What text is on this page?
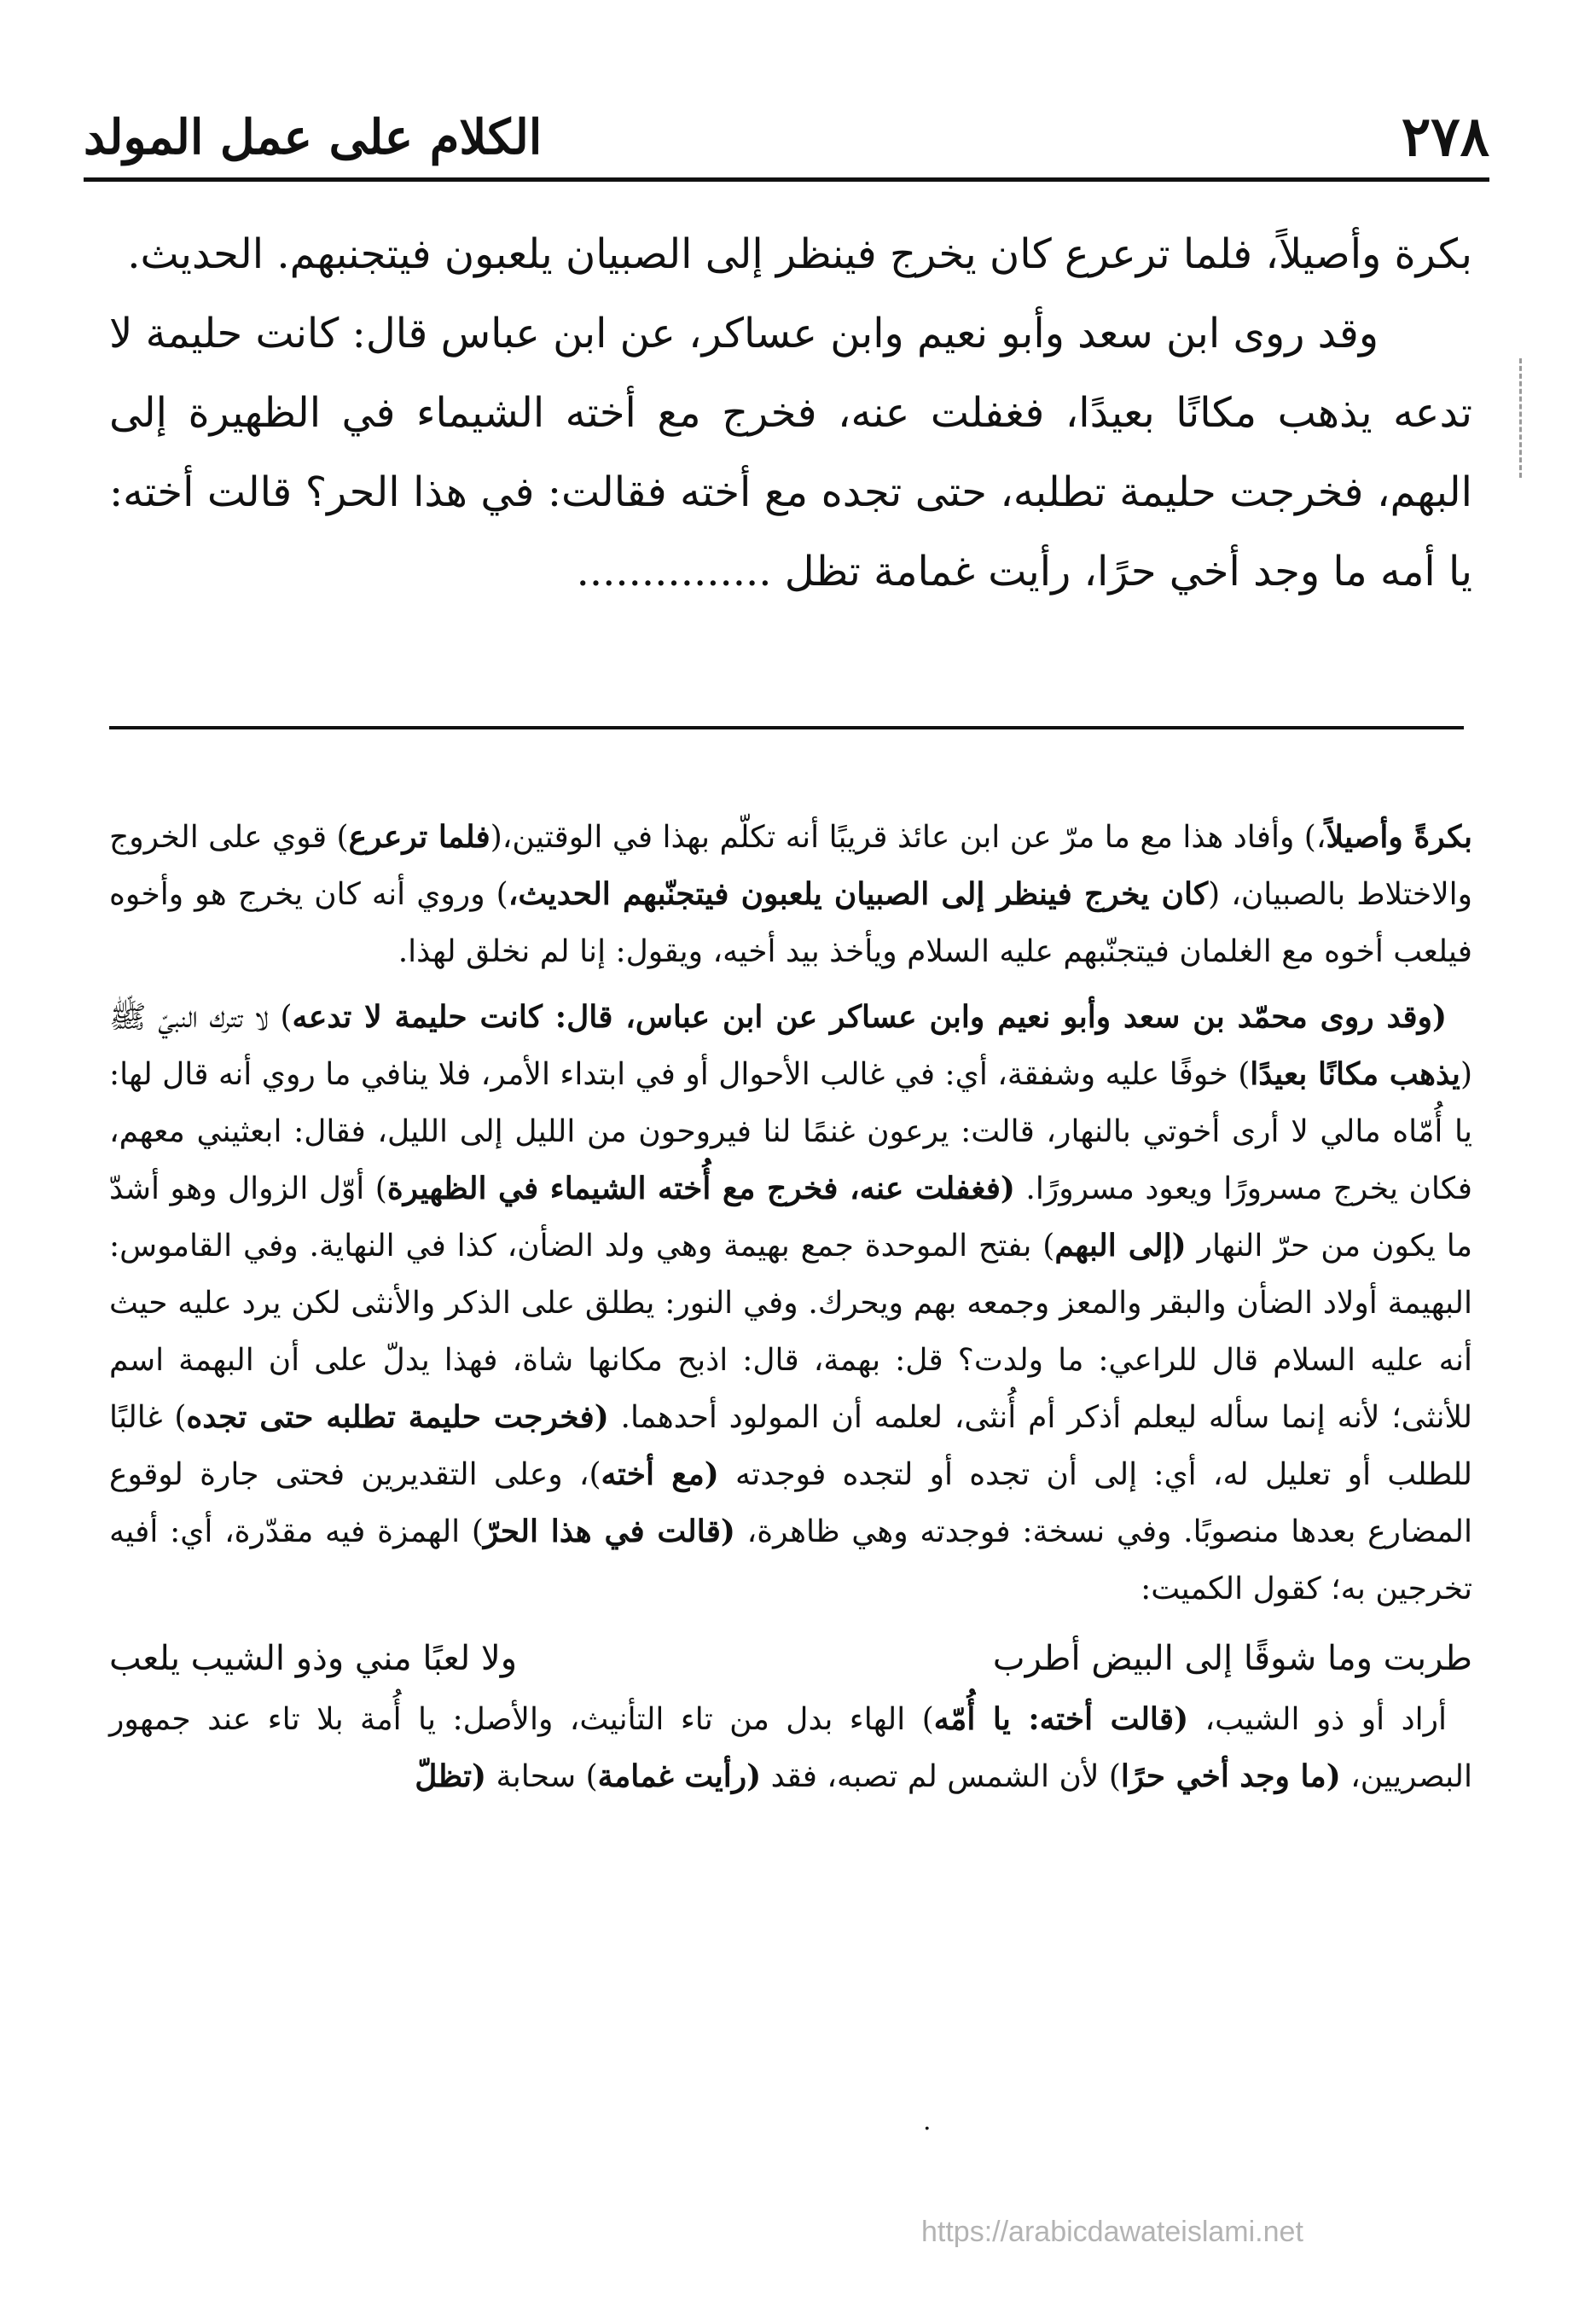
٢٧٨
الكلام على عمل المولد

بكرة وأصيلاً، فلما ترعرع كان يخرج فينظر إلى الصبيان يلعبون فيتجنبهم. الحديث.

وقد روى ابن سعد وأبو نعيم وابن عساكر، عن ابن عباس قال: كانت حليمة لا تدعه يذهب مكانًا بعيدًا، فغفلت عنه، فخرج مع أخته الشيماء في الظهيرة إلى البهم، فخرجت حليمة تطلبه، حتى تجده مع أخته فقالت: في هذا الحر؟ قالت أخته: يا أمه ما وجد أخي حرًا، رأيت غمامة تظل ...............

بكرةً وأصيلاً،) وأفاد هذا مع ما مرّ عن ابن عائذ قريبًا أنه تكلّم بهذا في الوقتين،(فلما ترعرع) قوي على الخروج والاختلاط بالصبيان، (كان يخرج فينظر إلى الصبيان يلعبون فيتجنّبهم الحديث،) وروي أنه كان يخرج هو وأخوه فيلعب أخوه مع الغلمان فيتجنّبهم عليه السلام ويأخذ بيد أخيه، ويقول: إنا لم نخلق لهذا.

(وقد روى محمّد بن سعد وأبو نعيم وابن عساكر عن ابن عباس، قال: كانت حليمة لا تدعه) لا تترك النبيّ ﷺ (يذهب مكانًا بعيدًا) خوفًا عليه وشفقة، أي: في غالب الأحوال أو في ابتداء الأمر، فلا ينافي ما روي أنه قال لها: يا أُمّاه مالي لا أرى أخوتي بالنهار، قالت: يرعون غنمًا لنا فيروحون من الليل إلى الليل، فقال: ابعثيني معهم، فكان يخرج مسرورًا ويعود مسرورًا. (فغفلت عنه، فخرج مع أُخته الشيماء في الظهيرة) أوّل الزوال وهو أشدّ ما يكون من حرّ النهار (إلى البهم) بفتح الموحدة جمع بهيمة وهي ولد الضأن، كذا في النهاية. وفي القاموس: البهيمة أولاد الضأن والبقر والمعز وجمعه بهم ويحرك. وفي النور: يطلق على الذكر والأنثى لكن يرد عليه حيث أنه عليه السلام قال للراعي: ما ولدت؟ قل: بهمة، قال: اذبح مكانها شاة، فهذا يدلّ على أن البهمة اسم للأنثى؛ لأنه إنما سأله ليعلم أذكر أم أُنثى، لعلمه أن المولود أحدهما. (فخرجت حليمة تطلبه حتى تجده) غالبًا للطلب أو تعليل له، أي: إلى أن تجده أو لتجده فوجدته (مع أخته)، وعلى التقديرين فحتى جارة لوقوع المضارع بعدها منصوبًا. وفي نسخة: فوجدته وهي ظاهرة، (قالت في هذا الحرّ) الهمزة فيه مقدّرة، أي: أفيه تخرجين به؛ كقول الكميت:

طربت وما شوقًا إلى البيض أطرب
ولا لعبًا مني وذو الشيب يلعب

أراد أو ذو الشيب، (قالت أخته: يا أُمّه) الهاء بدل من تاء التأنيث، والأصل: يا أُمة بلا تاء عند جمهور البصريين، (ما وجد أخي حرًا) لأن الشمس لم تصبه، فقد (رأيت غمامة) سحابة (تظلّ

.
https://arabicdawateislami.net
